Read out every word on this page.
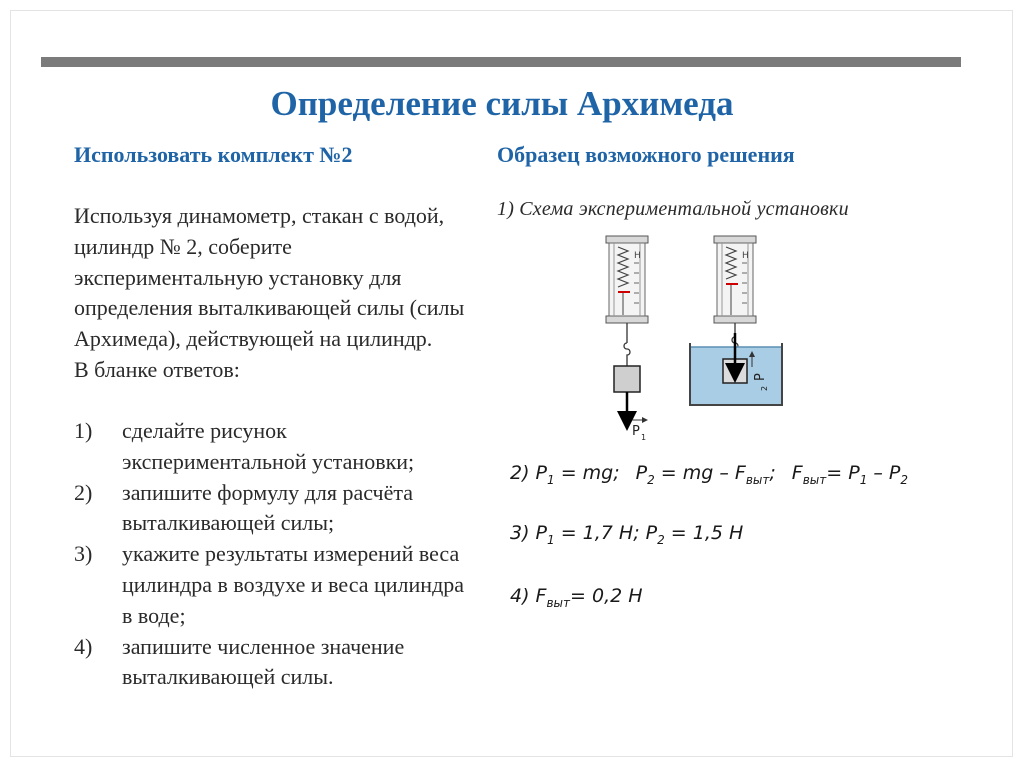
Определение силы Архимеда
Использовать комплект №2	Образец возможного решения
Используя динамометр, стакан с водой, цилиндр № 2, соберите экспериментальную установку для определения выталкивающей силы (силы Архимеда), действующей на цилиндр.
В бланке ответов:
1)	сделайте рисунок экспериментальной установки;
2)	запишите формулу для расчёта выталкивающей силы;
3)	укажите результаты измерений веса цилиндра в воздухе и веса цилиндра в воде;
4)	запишите численное значение выталкивающей силы.
1) Схема экспериментальной установки
Н
P 1
Н
P
2
2) $P_1$ = mg; $P_2$ = mg – $F_{выт}$; $F_{выт}= P_1 - P_2$
3) $P_1 = 1,7$ Н; $P_2 = 1,5$ Н
4) $F_{выт}= 0,2$ Н
